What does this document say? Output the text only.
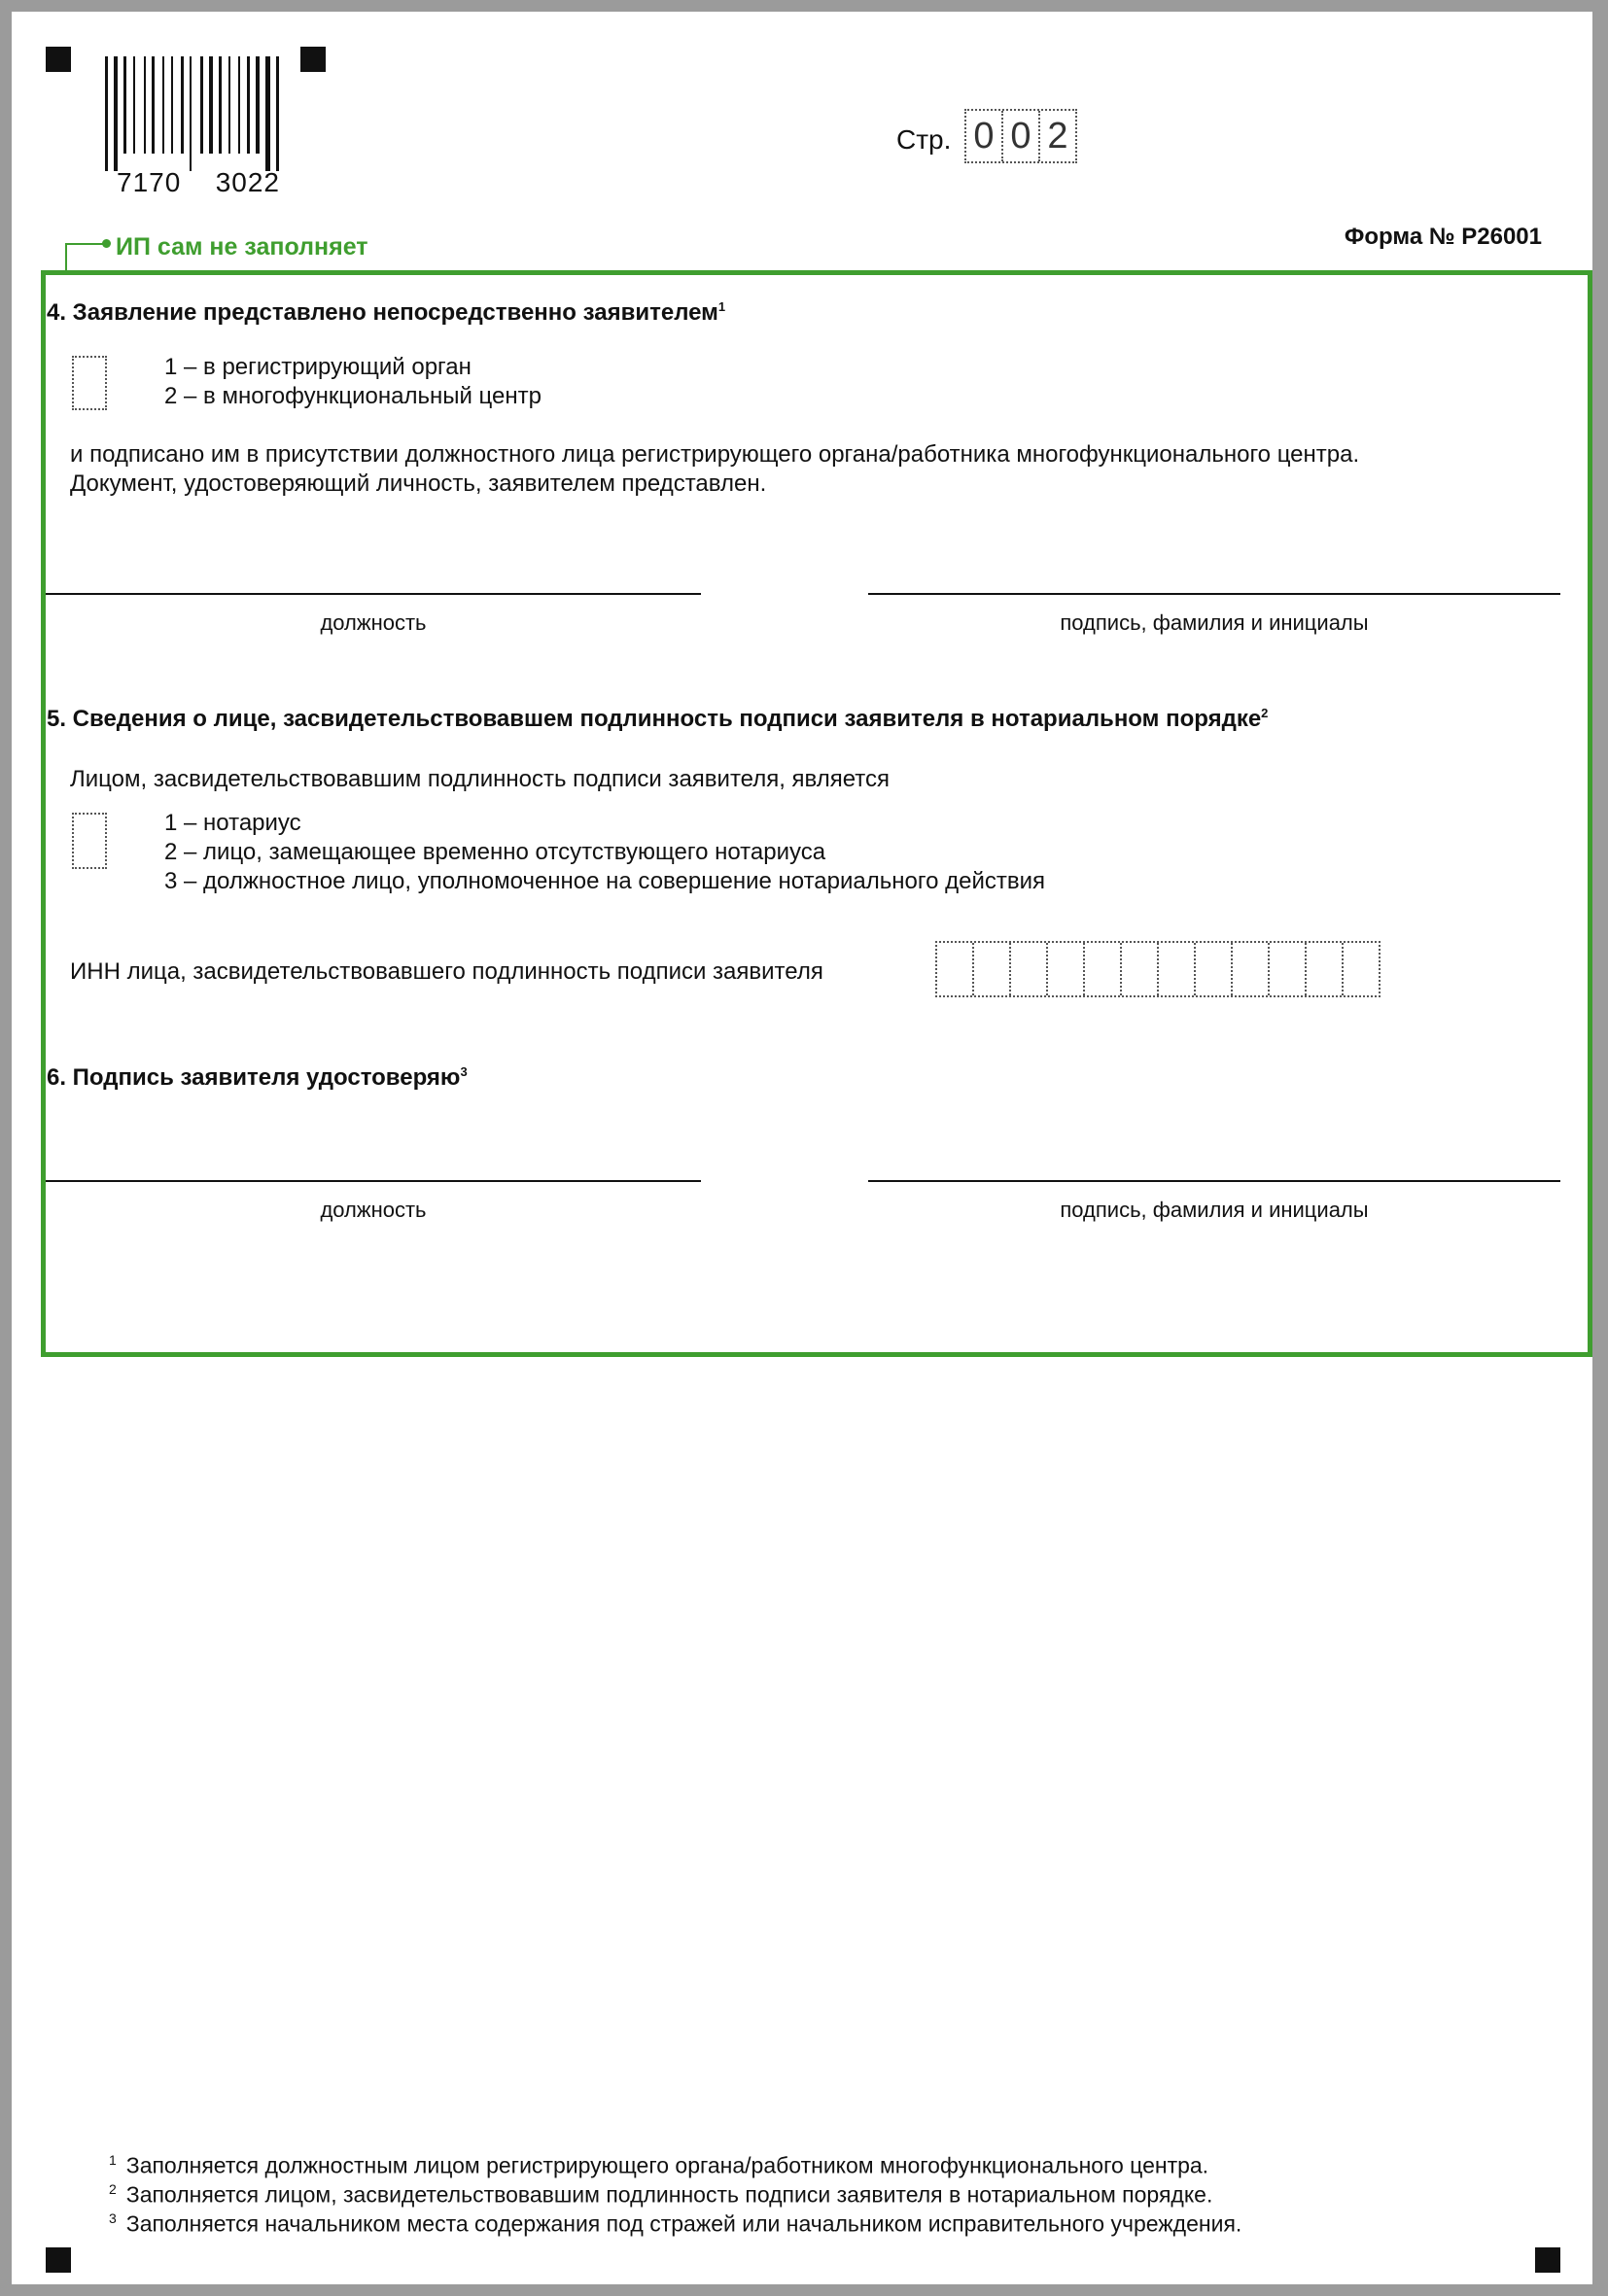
7170 3022
Стр. 0 0 2
Форма № Р26001
ИП сам не заполняет
4. Заявление представлено непосредственно заявителем$^1$
1 – в регистрирующий орган
2 – в многофункциональный центр
и подписано им в присутствии должностного лица регистрирующего органа/работника многофункционального центра.
Документ, удостоверяющий личность, заявителем представлен.
должность	подпись, фамилия и инициалы
5. Сведения о лице, засвидетельствовавшем подлинность подписи заявителя в нотариальном порядке$^2$
Лицом, засвидетельствовавшим подлинность подписи заявителя, является
1 – нотариус
2 – лицо, замещающее временно отсутствующего нотариуса
3 – должностное лицо, уполномоченное на совершение нотариального действия
ИНН лица, засвидетельствовавшего подлинность подписи заявителя
6. Подпись заявителя удостоверяю$^3$
должность	подпись, фамилия и инициалы
$^1$ Заполняется должностным лицом регистрирующего органа/работником многофункционального центра.
$^2$ Заполняется лицом, засвидетельствовавшим подлинность подписи заявителя в нотариальном порядке.
$^3$ Заполняется начальником места содержания под стражей или начальником исправительного учреждения.
